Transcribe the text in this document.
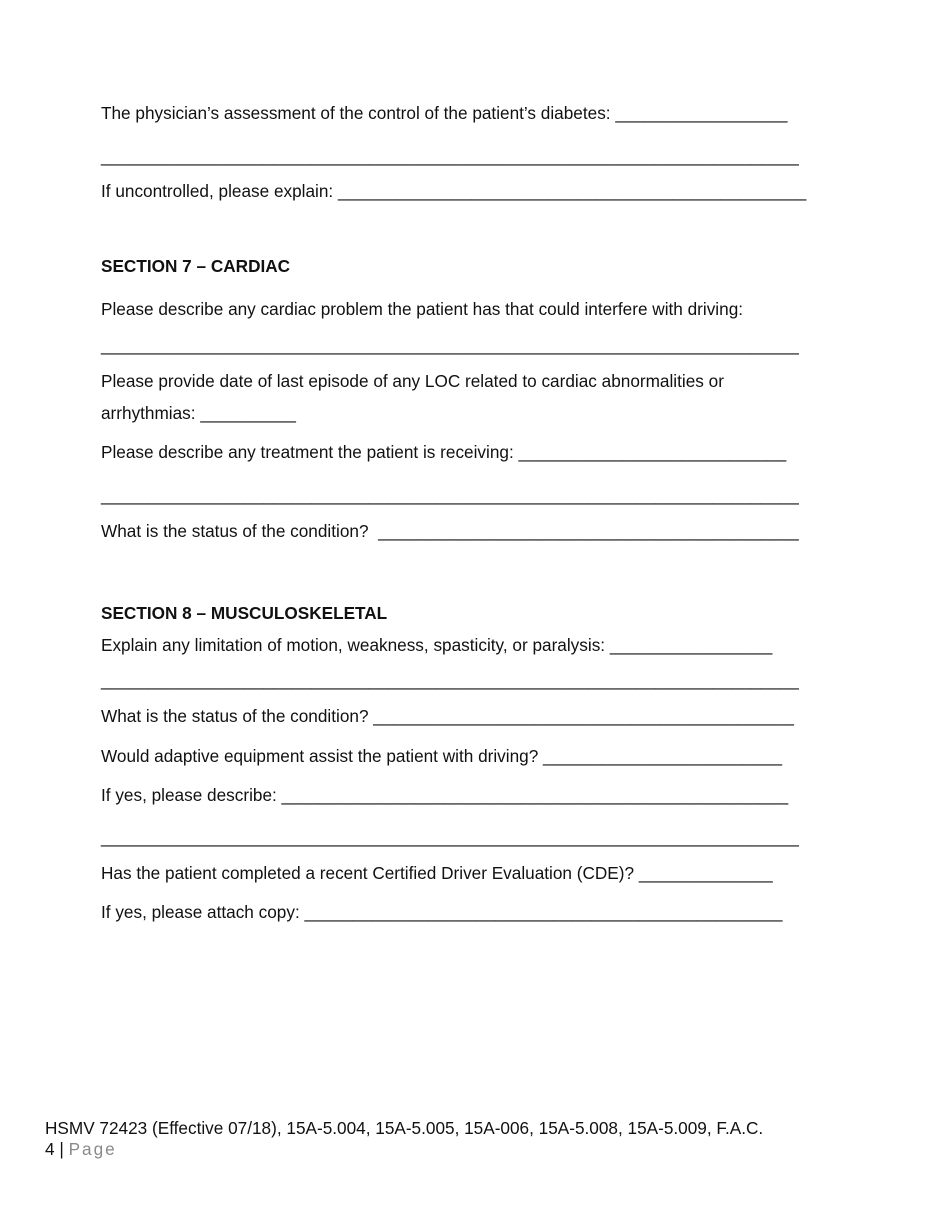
The physician’s assessment of the control of the patient’s diabetes: __________________
_________________________________________________________________________
If uncontrolled, please explain: _________________________________________________
SECTION 7 – CARDIAC
Please describe any cardiac problem the patient has that could interfere with driving:
_________________________________________________________________________
Please provide date of last episode of any LOC related to cardiac abnormalities or
arrhythmias: __________
Please describe any treatment the patient is receiving: ____________________________
_________________________________________________________________________
What is the status of the condition?  ____________________________________________
SECTION 8 – MUSCULOSKELETAL
Explain any limitation of motion, weakness, spasticity, or paralysis: _________________
_________________________________________________________________________
What is the status of the condition? ____________________________________________
Would adaptive equipment assist the patient with driving? _________________________
If yes, please describe: _____________________________________________________
_________________________________________________________________________
Has the patient completed a recent Certified Driver Evaluation (CDE)? ______________
If yes, please attach copy: __________________________________________________
HSMV 72423 (Effective 07/18), 15A-5.004, 15A-5.005, 15A-006, 15A-5.008, 15A-5.009, F.A.C.
4 | Page
